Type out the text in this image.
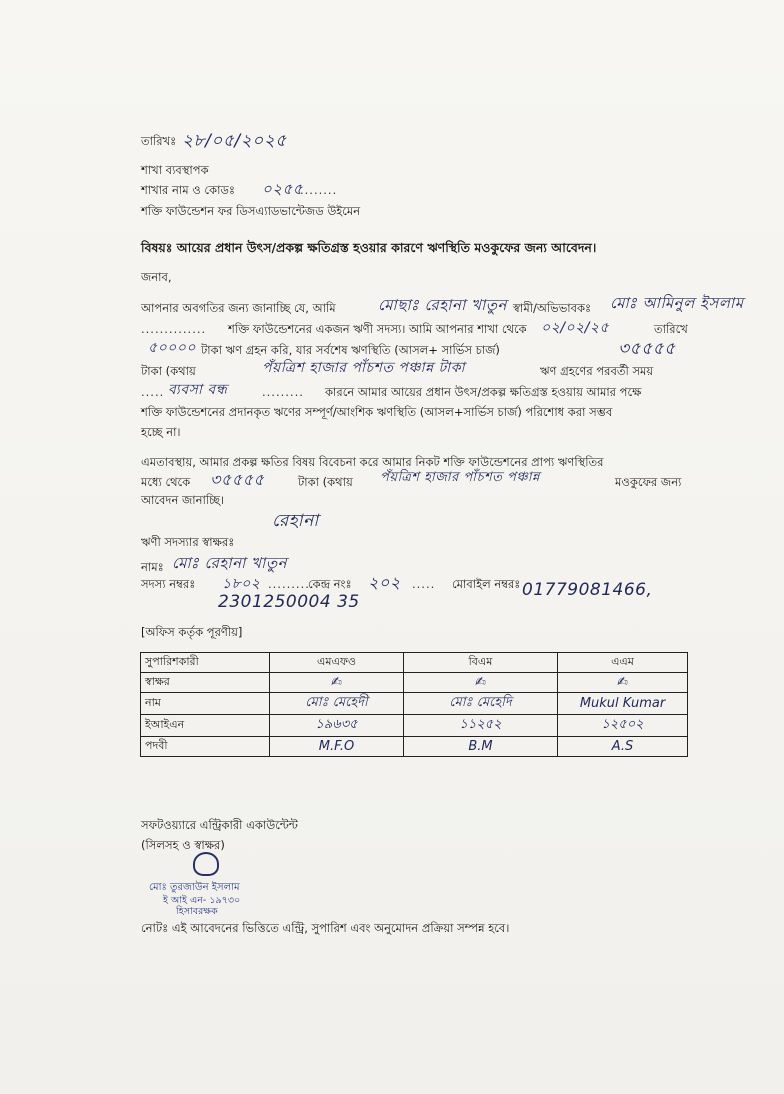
তারিখঃ ২৮/০৫/২০২৫
শাখা ব্যবস্থাপক
শাখার নাম ও কোডঃ ০২৫৫
........
শক্তি ফাউন্ডেশন ফর ডিসএ্যাডভান্টেজড উইমেন
বিষয়ঃ আয়ের প্রধান উৎস/প্রকল্প ক্ষতিগ্রস্ত হওয়ার কারণে ঋণস্থিতি মওকুফের জন্য আবেদন।
জনাব,
আপনার অবগতির জন্য জানাচ্ছি যে, আমি	মোছাঃ রেহানা খাতুন স্বামী/অভিভাবকঃ মোঃ আমিনুল ইসলাম
.............. শক্তি ফাউন্ডেশনের একজন ঋণী সদস্য। আমি আপনার শাখা থেকে ০২/০২/২৫	তারিখে
৫০০০০ টাকা ঋণ গ্রহন করি, যার সর্বশেষ ঋণস্থিতি (আসল+ সার্ভিস চার্জ)	৩৫৫৫৫
টাকা (কথায়	পঁয়ত্রিশ হাজার পাঁচশত পঞ্চান্ন টাকা	ঋণ গ্রহণের পরবর্তী সময়
..... ব্যবসা বন্ধ	......... কারনে আমার আয়ের প্রধান উৎস/প্রকল্প ক্ষতিগ্রস্ত হওয়ায় আমার পক্ষে
শক্তি ফাউন্ডেশনের প্রদানকৃত ঋণের সম্পূর্ণ/আংশিক ঋণস্থিতি (আসল+সার্ভিস চার্জ) পরিশোধ করা সম্ভব
হচ্ছে না।
এমতাবস্থায়, আমার প্রকল্প ক্ষতির বিষয় বিবেচনা করে আমার নিকট শক্তি ফাউন্ডেশনের প্রাপ্য ঋণস্থিতির
মধ্যে থেকে ৩৫৫৫৫	টাকা (কথায় পঁয়ত্রিশ হাজার পাঁচশত পঞ্চান্ন	মওকুফের জন্য
আবেদন জানাচ্ছি।
রেহানা
ঋণী সদস্যার স্বাক্ষরঃ
নামঃ মোঃ রেহানা খাতুন
সদস্য নম্বরঃ ১৮০২ .........
কেন্দ্র নংঃ ২০২ ..... মোবাইল নম্বরঃ 01779081466,
2301250004 35
[অফিস কর্তৃক পূরণীয়]
সুপারিশকারী	এমএফও	বিএম	এএম
স্বাক্ষর	✍	✍	✍
নাম	মোঃ মেহেদী	মোঃ মেহেদি	Mukul Kumar
ইআইএন	১৯৬৩৫	১১২৫২	১২৫০২
পদবী	M.F.O	B.M	A.S
সফটওয়্যারে এন্ট্রিকারী একাউন্টেন্ট
(সিলসহ ও স্বাক্ষর)
মোঃ তুরজাউন ইসলাম
ই আই এন- ১৯৭৩০
হিসাবরক্ষক
নোটঃ এই আবেদনের ভিত্তিতে এন্ট্রি, সুপারিশ এবং অনুমোদন প্রক্রিয়া সম্পন্ন হবে।
